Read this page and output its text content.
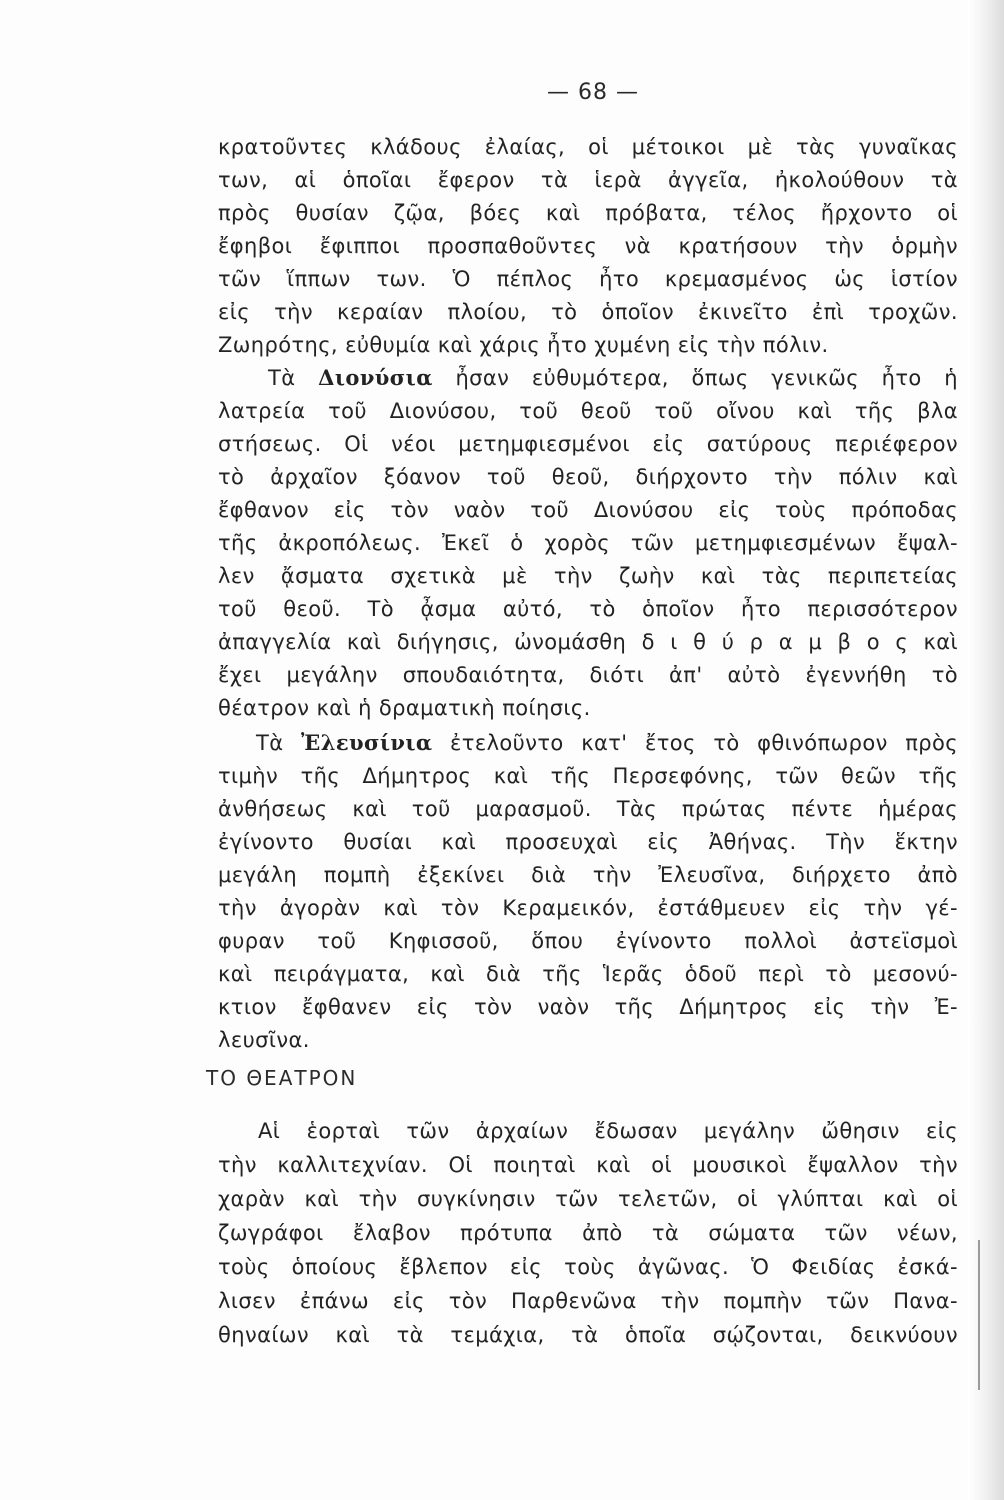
— 68 —
κρατοῦντες κλάδους ἐλαίας, οἱ μέτοικοι μὲ τὰς γυναῖκας
των, αἱ ὁποῖαι ἔφερον τὰ ἱερὰ ἀγγεῖα, ἠκολούθουν τὰ
πρὸς θυσίαν ζῷα, βόες καὶ πρόβατα, τέλος ἤρχοντο οἱ
ἔφηβοι ἔφιπποι προσπαθοῦντες νὰ κρατήσουν τὴν ὁρμὴν
τῶν ἵππων των. Ὁ πέπλος ἦτο κρεμασμένος ὡς ἱστίον
εἰς τὴν κεραίαν πλοίου, τὸ ὁποῖον ἐκινεῖτο ἐπὶ τροχῶν.
Ζωηρότης, εὐθυμία καὶ χάρις ἦτο χυμένη εἰς τὴν πόλιν.
Τὰ Διονύσια ἦσαν εὐθυμότερα, ὅπως γενικῶς ἦτο ἡ
λατρεία τοῦ Διονύσου, τοῦ θεοῦ τοῦ οἴνου καὶ τῆς βλα
στήσεως. Οἱ νέοι μετημφιεσμένοι εἰς σατύρους περιέφερον
τὸ ἀρχαῖον ξόανον τοῦ θεοῦ, διήρχοντο τὴν πόλιν καὶ
ἔφθανον εἰς τὸν ναὸν τοῦ Διονύσου εἰς τοὺς πρόποδας
τῆς ἀκροπόλεως. Ἐκεῖ ὁ χορὸς τῶν μετημφιεσμένων ἔψαλ-
λεν ᾄσματα σχετικὰ μὲ τὴν ζωὴν καὶ τὰς περιπετείας
τοῦ θεοῦ. Τὸ ᾆσμα αὐτό, τὸ ὁποῖον ἦτο περισσότερον
ἀπαγγελία καὶ διήγησις, ὠνομάσθη δ ι θ ύ ρ α μ β ο ς καὶ
ἔχει μεγάλην σπουδαιότητα, διότι ἀπ' αὐτὸ ἐγεννήθη τὸ
θέατρον καὶ ἡ δραματικὴ ποίησις.
Τὰ Ἐλευσίνια ἐτελοῦντο κατ' ἔτος τὸ φθινόπωρον πρὸς
τιμὴν τῆς Δήμητρος καὶ τῆς Περσεφόνης, τῶν θεῶν τῆς
ἀνθήσεως καὶ τοῦ μαρασμοῦ. Τὰς πρώτας πέντε ἡμέρας
ἐγίνοντο θυσίαι καὶ προσευχαὶ εἰς Ἀθήνας. Τὴν ἕκτην
μεγάλη πομπὴ ἐξεκίνει διὰ τὴν Ἐλευσῖνα, διήρχετο ἀπὸ
τὴν ἀγορὰν καὶ τὸν Κεραμεικόν, ἐστάθμευεν εἰς τὴν γέ-
φυραν τοῦ Κηφισσοῦ, ὅπου ἐγίνοντο πολλοὶ ἀστεϊσμοὶ
καὶ πειράγματα, καὶ διὰ τῆς Ἱερᾶς ὁδοῦ περὶ τὸ μεσονύ-
κτιον ἔφθανεν εἰς τὸν ναὸν τῆς Δήμητρος εἰς τὴν Ἐ-
λευσῖνα.
ΤΟ ΘΕΑΤΡΟΝ
Αἱ ἑορταὶ τῶν ἀρχαίων ἔδωσαν μεγάλην ὤθησιν εἰς
τὴν καλλιτεχνίαν. Οἱ ποιηταὶ καὶ οἱ μουσικοὶ ἔψαλλον τὴν
χαρὰν καὶ τὴν συγκίνησιν τῶν τελετῶν, οἱ γλύπται καὶ οἱ
ζωγράφοι ἔλαβον πρότυπα ἀπὸ τὰ σώματα τῶν νέων,
τοὺς ὁποίους ἔβλεπον εἰς τοὺς ἀγῶνας. Ὁ Φειδίας ἐσκά-
λισεν ἐπάνω εἰς τὸν Παρθενῶνα τὴν πομπὴν τῶν Πανα-
θηναίων καὶ τὰ τεμάχια, τὰ ὁποῖα σῴζονται, δεικνύουν
